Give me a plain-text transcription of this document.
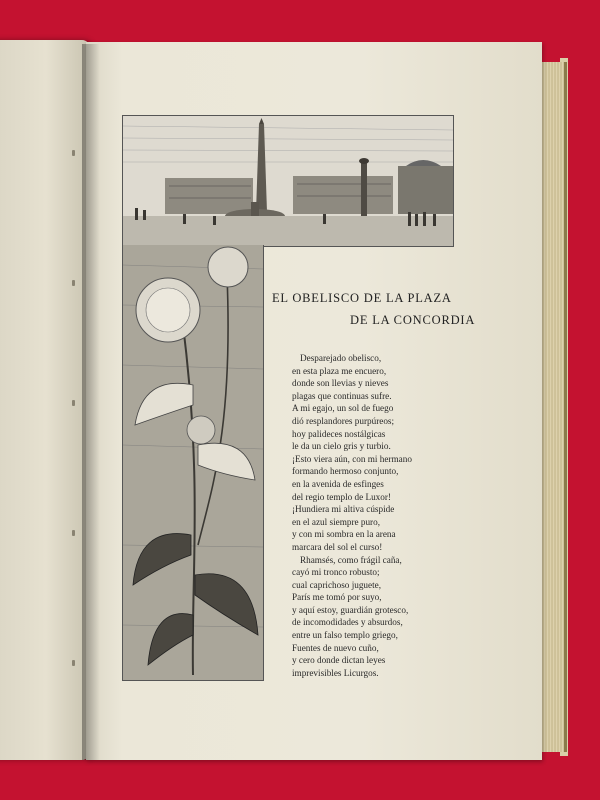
EL OBELISCO DE LA PLAZA
DE LA CONCORDIA
Desparejado obelisco,
en esta plaza me encuero,
donde son llevias y nieves
plagas que continuas sufre.
A mi egajo, un sol de fuego
dió resplandores purpúreos;
hoy palideces nostálgicas
le da un cielo gris y turbio.
¡Esto viera aún, con mi hermano
formando hermoso conjunto,
en la avenida de esfinges
del regio templo de Luxor!
¡Hundiera mi altiva cúspide
en el azul siempre puro,
y con mi sombra en la arena
marcara del sol el curso!
Rhamsés, como frágil caña,
cayó mi tronco robusto;
cual caprichoso juguete,
París me tomó por suyo,
y aquí estoy, guardián grotesco,
de incomodidades y absurdos,
entre un falso templo griego,
Fuentes de nuevo cuño,
y cero donde dictan leyes
imprevisibles Licurgos.
